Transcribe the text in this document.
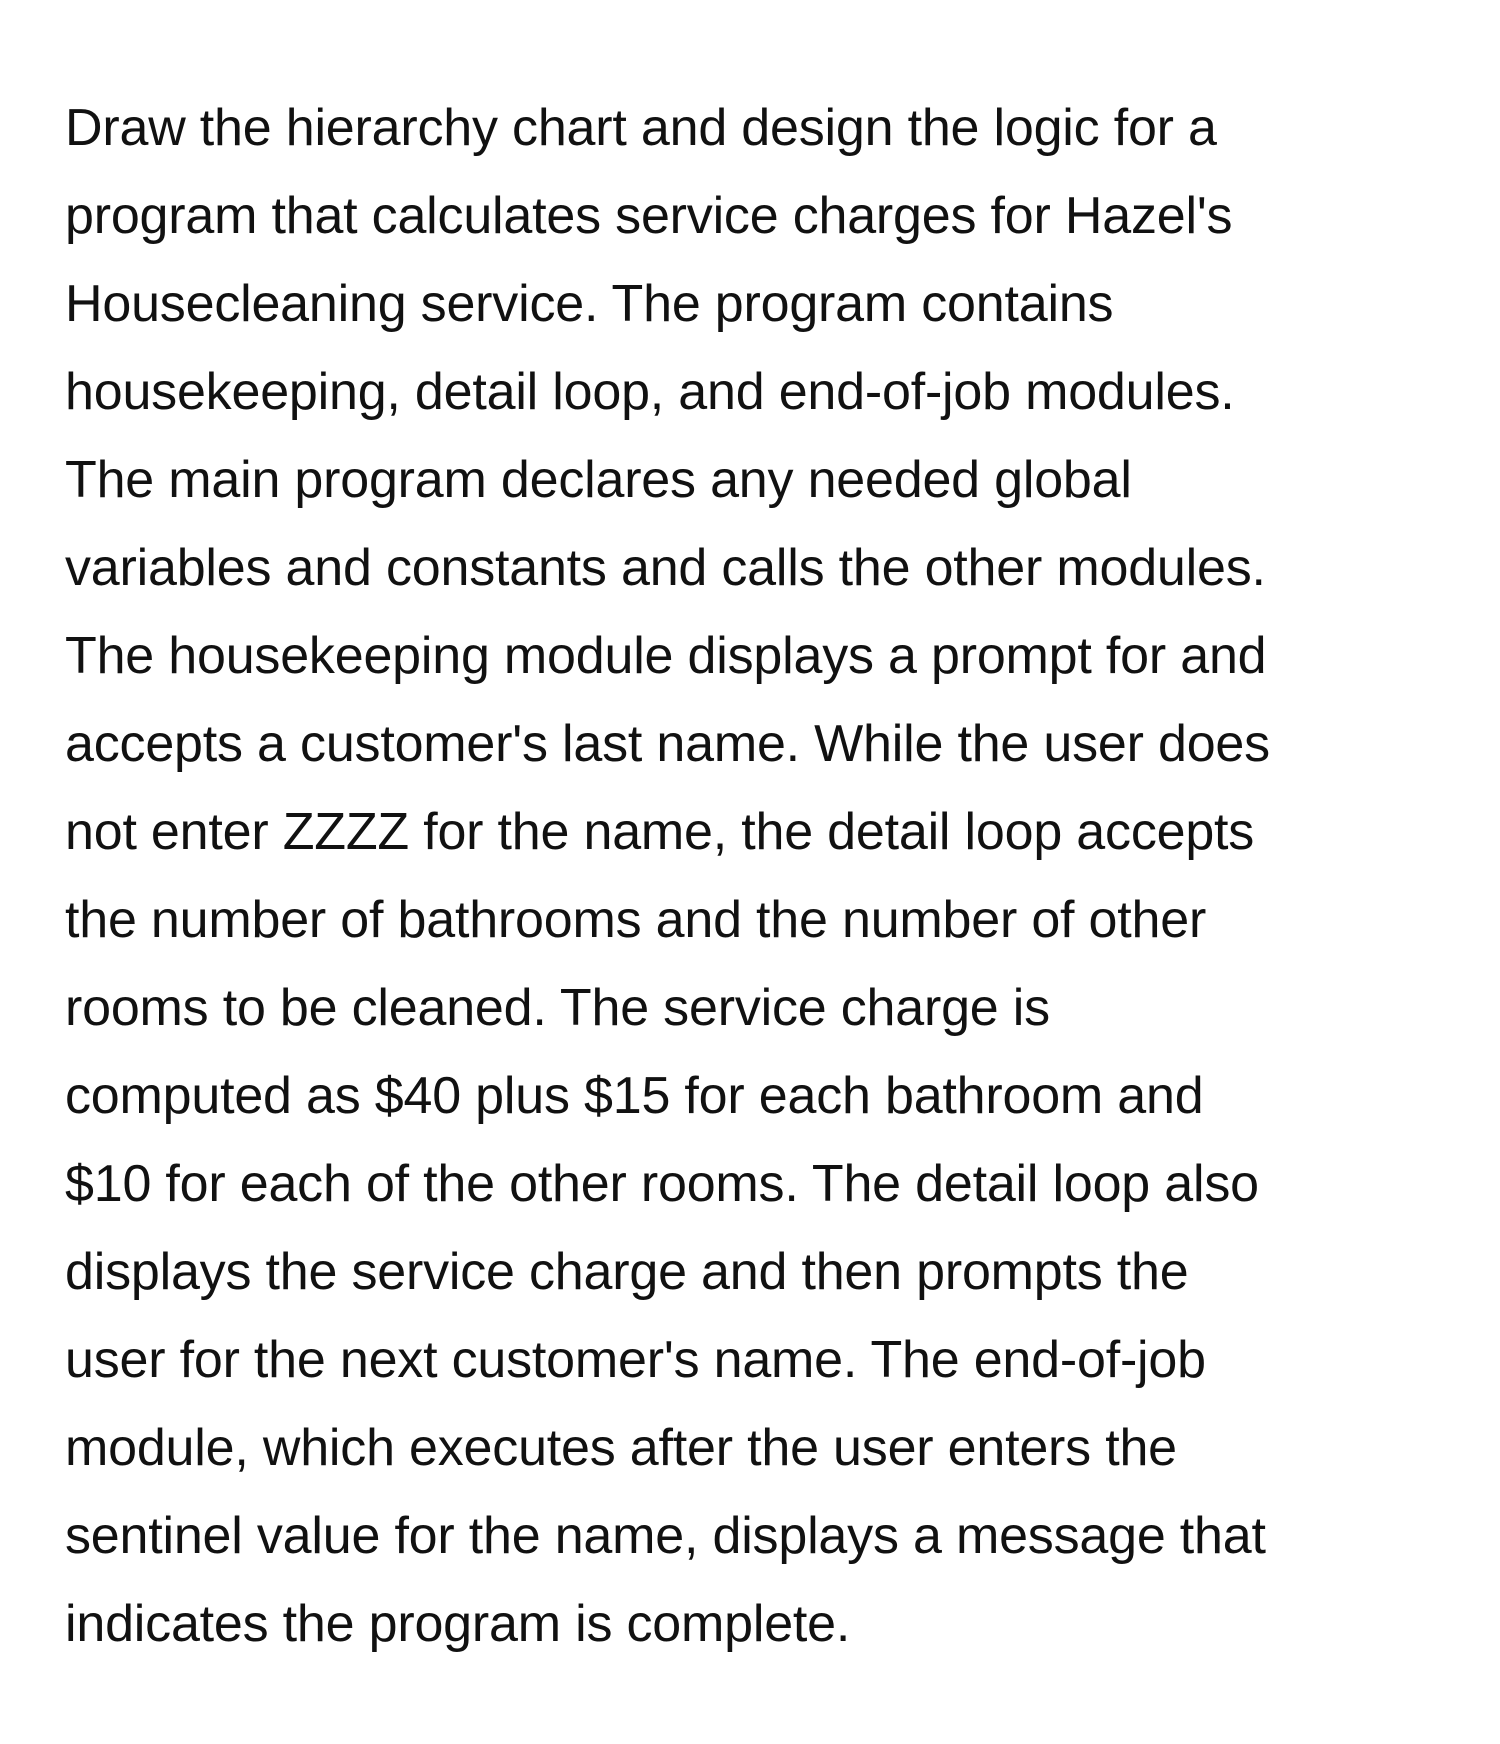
Draw the hierarchy chart and design the logic for a
program that calculates service charges for Hazel's
Housecleaning service. The program contains
housekeeping, detail loop, and end-of-job modules.
The main program declares any needed global
variables and constants and calls the other modules.
The housekeeping module displays a prompt for and
accepts a customer's last name. While the user does
not enter ZZZZ for the name, the detail loop accepts
the number of bathrooms and the number of other
rooms to be cleaned. The service charge is
computed as $40 plus $15 for each bathroom and
$10 for each of the other rooms. The detail loop also
displays the service charge and then prompts the
user for the next customer's name. The end-of-job
module, which executes after the user enters the
sentinel value for the name, displays a message that
indicates the program is complete.
